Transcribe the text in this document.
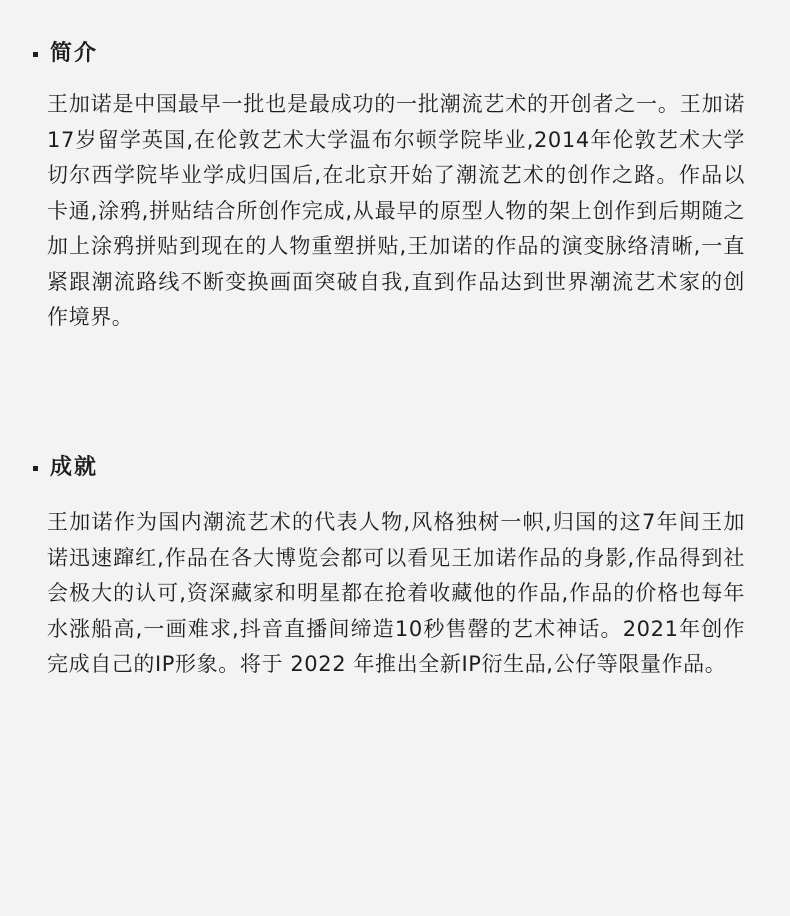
简介

王加诺是中国最早一批也是最成功的一批潮流艺术的开创者之一。王加诺17岁留学英国,在伦敦艺术大学温布尔顿学院毕业,2014年伦敦艺术大学切尔西学院毕业学成归国后,在北京开始了潮流艺术的创作之路。作品以卡通,涂鸦,拼贴结合所创作完成,从最早的原型人物的架上创作到后期随之加上涂鸦拼贴到现在的人物重塑拼贴,王加诺的作品的演变脉络清晰,一直紧跟潮流路线不断变换画面突破自我,直到作品达到世界潮流艺术家的创作境界。

成就

王加诺作为国内潮流艺术的代表人物,风格独树一帜,归国的这7年间王加诺迅速蹿红,作品在各大博览会都可以看见王加诺作品的身影,作品得到社会极大的认可,资深藏家和明星都在抢着收藏他的作品,作品的价格也每年水涨船高,一画难求,抖音直播间缔造10秒售罄的艺术神话。2021年创作完成自己的IP形象。将于 2022 年推出全新IP衍生品,公仔等限量作品。
